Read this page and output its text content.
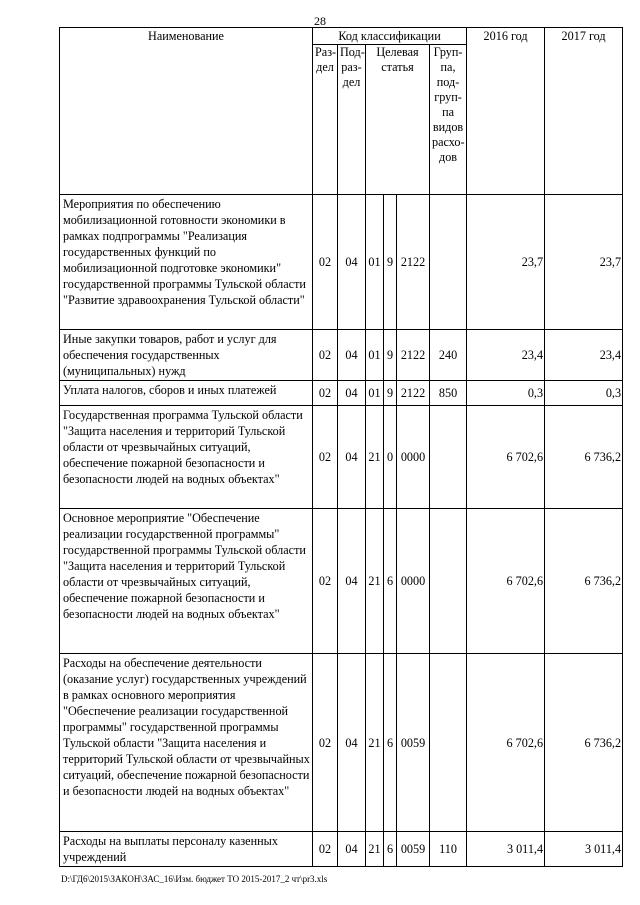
28
Наименование	Код классификации						2016 год	2017 год
	Раз-дел	Под-раз-дел	Целевая статья			Груп-па, под-груп-па видов расхо-дов		
Мероприятия по обеспечению мобилизационной готовности экономики в рамках подпрограммы "Реализация государственных функций по мобилизационной подготовке экономики" государственной программы Тульской области "Развитие здравоохранения Тульской области"	02	04	01	9	2122		23,7	23,7
Иные закупки товаров, работ и услуг для обеспечения государственных (муниципальных) нужд	02	04	01	9	2122	240	23,4	23,4
Уплата налогов, сборов и иных платежей	02	04	01	9	2122	850	0,3	0,3
Государственная программа Тульской области "Защита населения и территорий Тульской области от чрезвычайных ситуаций, обеспечение пожарной безопасности и безопасности людей на водных объектах"	02	04	21	0	0000		6 702,6	6 736,2
Основное мероприятие "Обеспечение реализации государственной программы" государственной программы Тульской области "Защита населения и территорий Тульской области от чрезвычайных ситуаций, обеспечение пожарной безопасности и безопасности людей на водных объектах"	02	04	21	6	0000		6 702,6	6 736,2
Расходы на обеспечение деятельности (оказание услуг) государственных учреждений в рамках основного мероприятия "Обеспечение реализации государственной программы" государственной программы Тульской области "Защита населения и территорий Тульской области от чрезвычайных ситуаций, обеспечение пожарной безопасности и безопасности людей на водных объектах"	02	04	21	6	0059		6 702,6	6 736,2
Расходы на выплаты персоналу казенных учреждений	02	04	21	6	0059	110	3 011,4	3 011,4
D:\ГД6\2015\ЗАКОН\ЗАС_16\Изм. бюджет ТО 2015-2017_2 чт\pr3.xls
